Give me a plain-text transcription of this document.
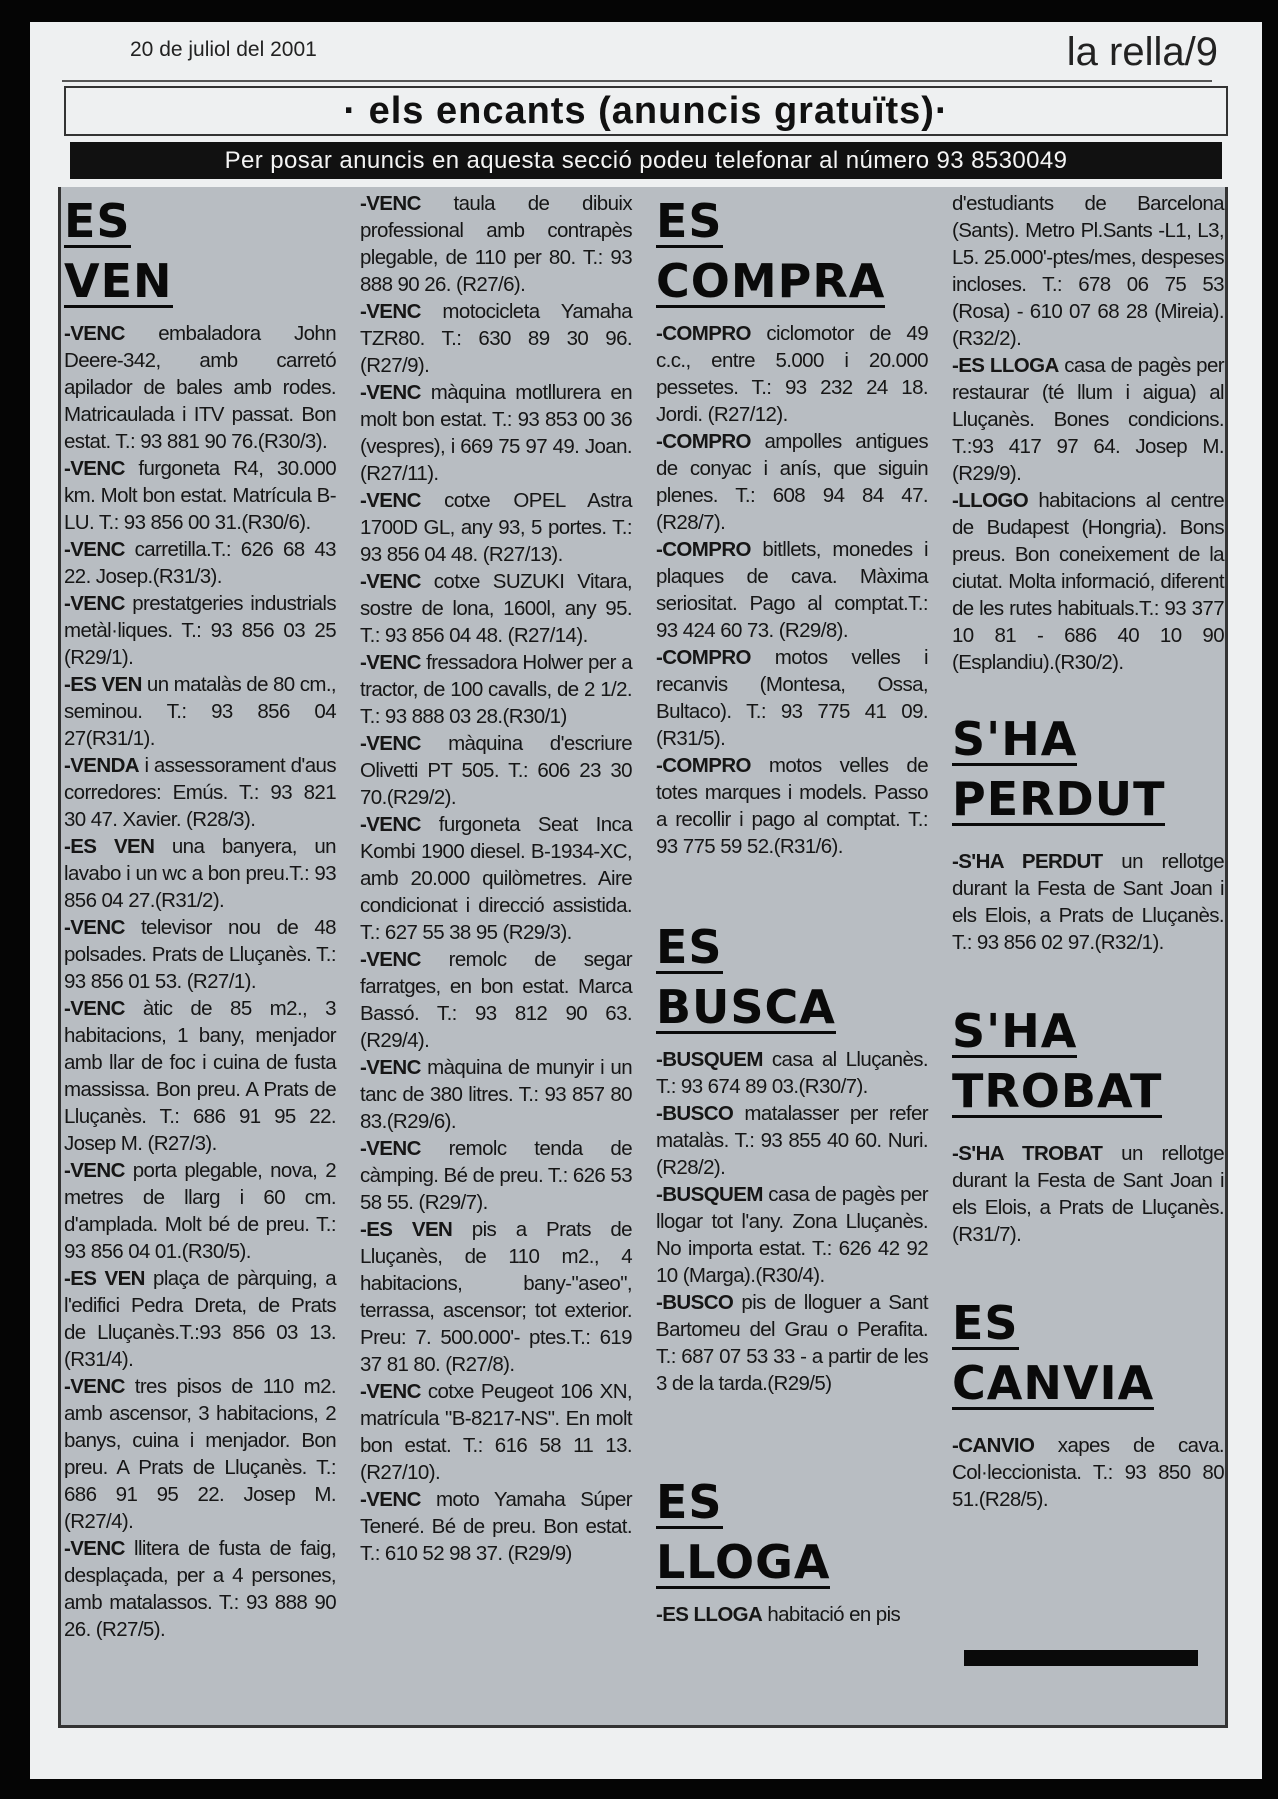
20 de juliol del 2001	la rella/9
· els encants (anuncis gratuïts)·
Per posar anuncis en aquesta secció podeu telefonar al número 93 8530049
ES
VEN

-VENC embaladora John Deere-342, amb carretó apilador de bales amb rodes. Matricaulada i ITV passat. Bon estat. T.: 93 881 90 76.(R30/3).

-VENC furgoneta R4, 30.000 km. Molt bon estat. Matrícula B-LU. T.: 93 856 00 31.(R30/6).

-VENC carretilla.T.: 626 68 43 22. Josep.(R31/3).

-VENC prestatgeries industrials metàl·liques. T.: 93 856 03 25 (R29/1).

-ES VEN un matalàs de 80 cm., seminou. T.: 93 856 04 27(R31/1).

-VENDA i assessorament d'aus corredores: Emús. T.: 93 821 30 47. Xavier. (R28/3).

-ES VEN una banyera, un lavabo i un wc a bon preu.T.: 93 856 04 27.(R31/2).

-VENC televisor nou de 48 polsades. Prats de Lluçanès. T.: 93 856 01 53. (R27/1).

-VENC àtic de 85 m2., 3 habitacions, 1 bany, menjador amb llar de foc i cuina de fusta massissa. Bon preu. A Prats de Lluçanès. T.: 686 91 95 22. Josep M. (R27/3).

-VENC porta plegable, nova, 2 metres de llarg i 60 cm. d'amplada. Molt bé de preu. T.: 93 856 04 01.(R30/5).

-ES VEN plaça de pàrquing, a l'edifici Pedra Dreta, de Prats de Lluçanès.T.:93 856 03 13.(R31/4).

-VENC tres pisos de 110 m2. amb ascensor, 3 habitacions, 2 banys, cuina i menjador. Bon preu. A Prats de Lluçanès. T.: 686 91 95 22. Josep M. (R27/4).

-VENC llitera de fusta de faig, desplaçada, per a 4 persones, amb matalassos. T.: 93 888 90 26. (R27/5).

-VENC taula de dibuix professional amb contrapès plegable, de 110 per 80. T.: 93 888 90 26. (R27/6).

-VENC motocicleta Yamaha TZR80. T.: 630 89 30 96. (R27/9).

-VENC màquina motllurera en molt bon estat. T.: 93 853 00 36 (vespres), i 669 75 97 49. Joan. (R27/11).

-VENC cotxe OPEL Astra 1700D GL, any 93, 5 portes. T.: 93 856 04 48. (R27/13).

-VENC cotxe SUZUKI Vitara, sostre de lona, 1600l, any 95. T.: 93 856 04 48. (R27/14).

-VENC fressadora Holwer per a tractor, de 100 cavalls, de 2 1/2. T.: 93 888 03 28.(R30/1)

-VENC màquina d'escriure Olivetti PT 505. T.: 606 23 30 70.(R29/2).

-VENC furgoneta Seat Inca Kombi 1900 diesel. B-1934-XC, amb 20.000 quilòmetres. Aire condicionat i direcció assistida. T.: 627 55 38 95 (R29/3).

-VENC remolc de segar farratges, en bon estat. Marca Bassó. T.: 93 812 90 63.(R29/4).

-VENC màquina de munyir i un tanc de 380 litres. T.: 93 857 80 83.(R29/6).

-VENC remolc tenda de càmping. Bé de preu. T.: 626 53 58 55. (R29/7).

-ES VEN pis a Prats de Lluçanès, de 110 m2., 4 habitacions, bany-"aseo", terrassa, ascensor; tot exterior. Preu: 7. 500.000'- ptes.T.: 619 37 81 80. (R27/8).

-VENC cotxe Peugeot 106 XN, matrícula "B-8217-NS". En molt bon estat. T.: 616 58 11 13. (R27/10).

-VENC moto Yamaha Súper Teneré. Bé de preu. Bon estat. T.: 610 52 98 37. (R29/9)

ES
COMPRA

-COMPRO ciclomotor de 49 c.c., entre 5.000 i 20.000 pessetes. T.: 93 232 24 18. Jordi. (R27/12).

-COMPRO ampolles antigues de conyac i anís, que siguin plenes. T.: 608 94 84 47. (R28/7).

-COMPRO bitllets, monedes i plaques de cava. Màxima seriositat. Pago al comptat.T.: 93 424 60 73. (R29/8).

-COMPRO motos velles i recanvis (Montesa, Ossa, Bultaco). T.: 93 775 41 09.(R31/5).

-COMPRO motos velles de totes marques i models. Passo a recollir i pago al comptat. T.: 93 775 59 52.(R31/6).

ES
BUSCA

-BUSQUEM casa al Lluçanès. T.: 93 674 89 03.(R30/7).

-BUSCO matalasser per refer matalàs. T.: 93 855 40 60. Nuri. (R28/2).

-BUSQUEM casa de pagès per llogar tot l'any. Zona Lluçanès. No importa estat. T.: 626 42 92 10 (Marga).(R30/4).

-BUSCO pis de lloguer a Sant Bartomeu del Grau o Perafita. T.: 687 07 53 33 - a partir de les 3 de la tarda.(R29/5)

ES
LLOGA

-ES LLOGA habitació en pis

d'estudiants de Barcelona (Sants). Metro Pl.Sants -L1, L3, L5. 25.000'-ptes/mes, despeses incloses. T.: 678 06 75 53 (Rosa) - 610 07 68 28 (Mireia). (R32/2).

-ES LLOGA casa de pagès per restaurar (té llum i aigua) al Lluçanès. Bones condicions. T.:93 417 97 64. Josep M.(R29/9).

-LLOGO habitacions al centre de Budapest (Hongria). Bons preus. Bon coneixement de la ciutat. Molta informació, diferent de les rutes habituals.T.: 93 377 10 81 - 686 40 10 90 (Esplandiu).(R30/2).

S'HA
PERDUT

-S'HA PERDUT un rellotge durant la Festa de Sant Joan i els Elois, a Prats de Lluçanès. T.: 93 856 02 97.(R32/1).

S'HA
TROBAT

-S'HA TROBAT un rellotge durant la Festa de Sant Joan i els Elois, a Prats de Lluçanès.(R31/7).

ES
CANVIA

-CANVIO xapes de cava. Col·leccionista. T.: 93 850 80 51.(R28/5).
